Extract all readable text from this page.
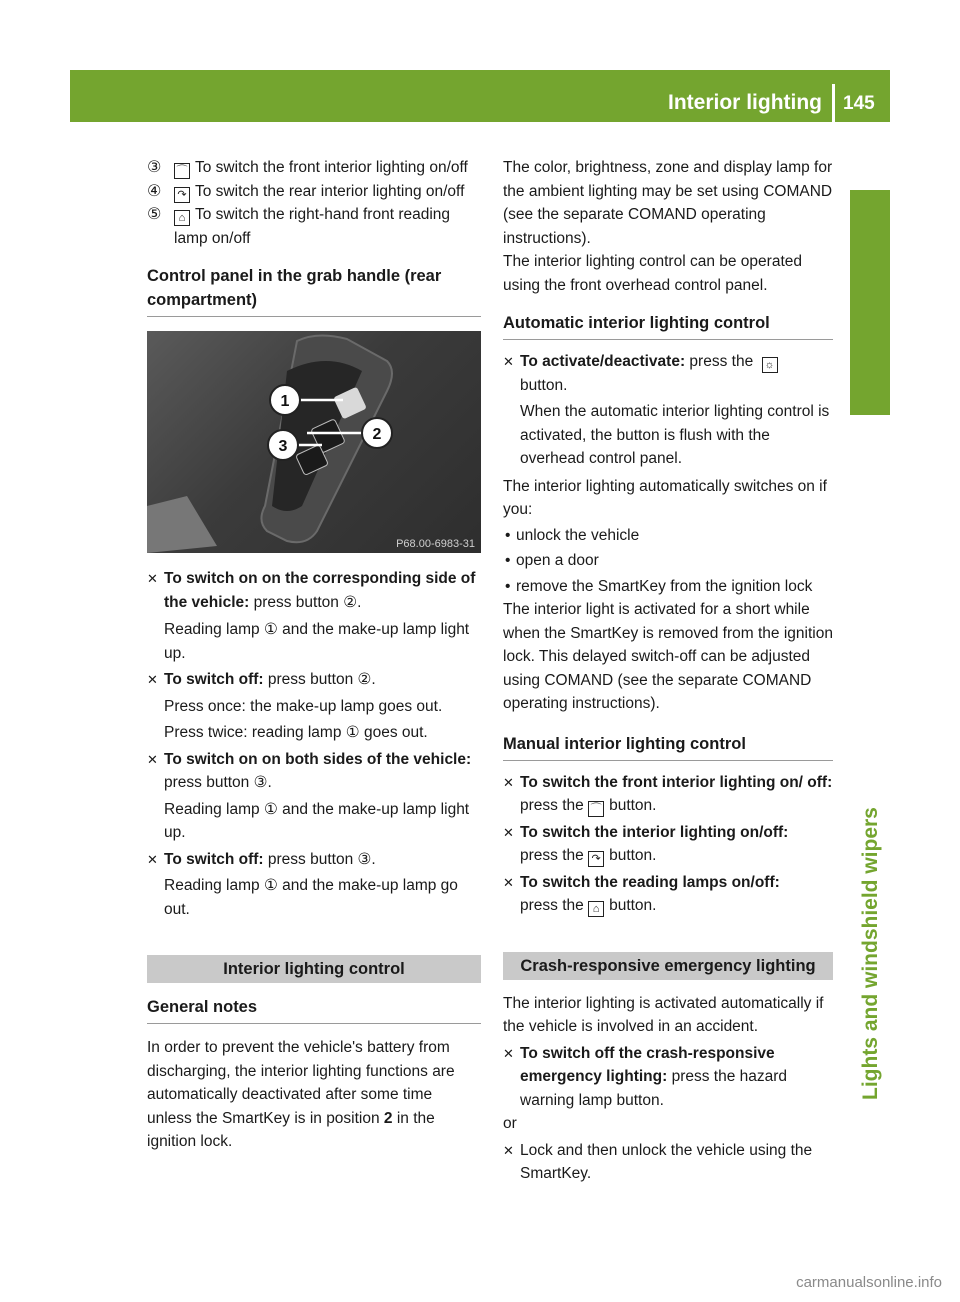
Interior lighting 145
Lights and windshield wipers
③ ⌒ To switch the front interior lighting on/off
④ ↷ To switch the rear interior lighting on/off
⑤ ⌂ To switch the right-hand front reading lamp on/off
Control panel in the grab handle (rear compartment)
1
2
3
P68.00-6983-31
✕ To switch on on the corresponding side of the vehicle: press button ②.

Reading lamp ① and the make-up lamp light up.

✕ To switch off: press button ②.

Press once: the make-up lamp goes out.

Press twice: reading lamp ① goes out.

✕ To switch on on both sides of the vehicle: press button ③.

Reading lamp ① and the make-up lamp light up.

✕ To switch off: press button ③.

Reading lamp ① and the make-up lamp go out.

Interior lighting control
General notes

In order to prevent the vehicle's battery from discharging, the interior lighting functions are automatically deactivated after some time unless the SmartKey is in position 2 in the ignition lock.

The color, brightness, zone and display lamp for the ambient lighting may be set using COMAND (see the separate COMAND operating instructions).

The interior lighting control can be operated using the front overhead control panel.

Automatic interior lighting control
✕ To activate/deactivate: press the ☼
button.

When the automatic interior lighting control is activated, the button is flush with the overhead control panel.

The interior lighting automatically switches on if you:

• unlock the vehicle
• open a door
• remove the SmartKey from the ignition lock

The interior light is activated for a short while when the SmartKey is removed from the ignition lock. This delayed switch-off can be adjusted using COMAND (see the separate COMAND operating instructions).

Manual interior lighting control
✕ To switch the front interior lighting on/ off: press the ⌒ button.
✕ To switch the interior lighting on/off:
press the ↷ button.
✕ To switch the reading lamps on/off:
press the ⌂ button.
Crash-responsive emergency lighting

The interior lighting is activated automatically if the vehicle is involved in an accident.

✕ To switch off the crash-responsive emergency lighting: press the hazard warning lamp button.

or

✕ Lock and then unlock the vehicle using the SmartKey.
carmanualsonline.info
